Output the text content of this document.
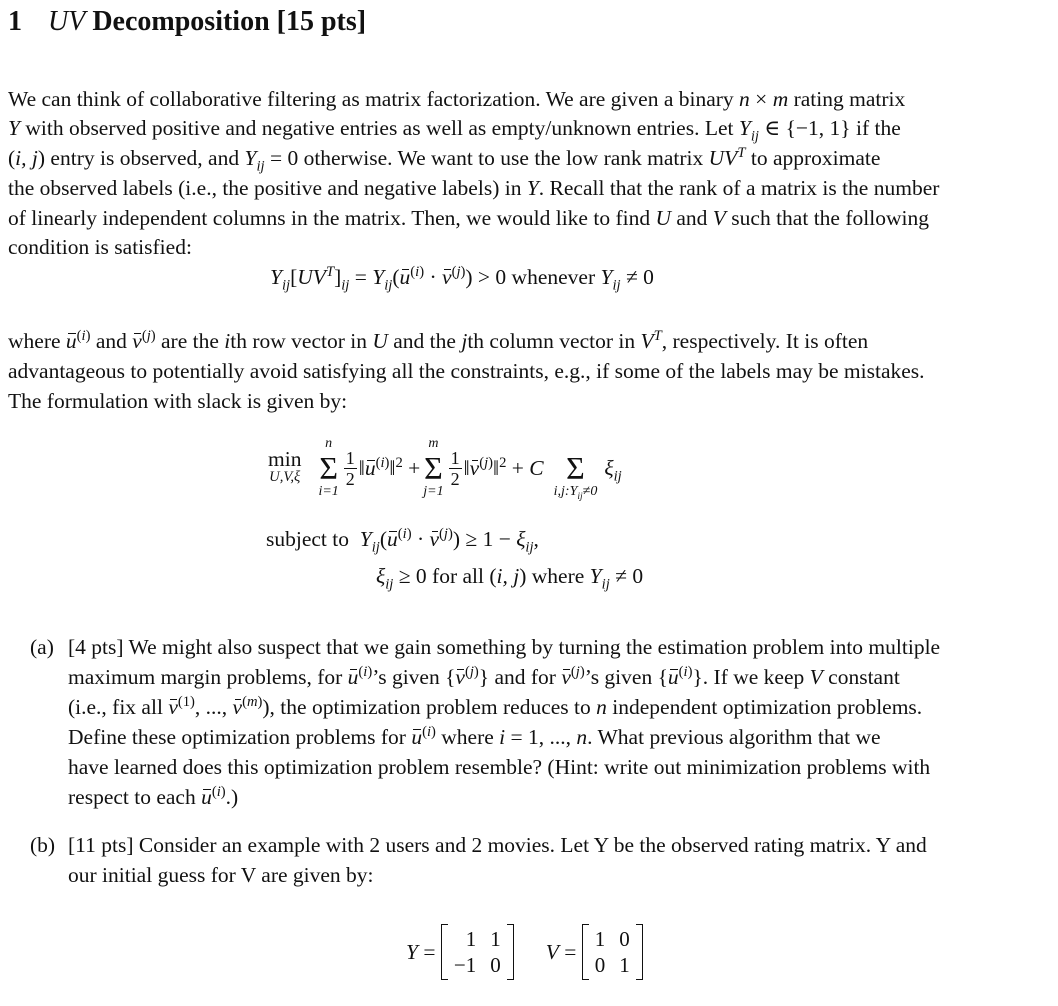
1 UV Decomposition [15 pts]
We can think of collaborative filtering as matrix factorization. We are given a binary n × m rating matrix
Y with observed positive and negative entries as well as empty/unknown entries. Let $Y_{ij}$ ∈ {−1, 1} if the
(i, j) entry is observed, and $Y_{ij} = 0$ otherwise. We want to use the low rank matrix $UV^T$ to approximate
the observed labels (i.e., the positive and negative labels) in Y. Recall that the rank of a matrix is the number
of linearly independent columns in the matrix. Then, we would like to find U and V such that the following
condition is satisfied:
$Y_{ij}[UV^T]_{ij} = Y_{ij}(u^{(i)} \cdot v^{(j)}) > 0$ whenever $Y_{ij} \ne 0$
where $u^{(i)}$ and $v^{(j)}$ are the ith row vector in U and the jth column vector in $V^T$, respectively. It is often
advantageous to potentially avoid satisfying all the constraints, e.g., if some of the labels may be mistakes.
The formulation with slack is given by:
min
U,V,ξ
n
Σ
i=1
$\frac{1}{2}$ $‖u^{(i)}‖^2$ +
m
Σ
j=1
$\frac{1}{2}$ $‖v^{(j)}‖^2 + C$
Σ
$i,j:Y_{ij}\ne 0$
$\xi_{ij}$
subject to $Y_{ij}(u^{(i)} \cdot v^{(j)}) \ge 1 - \xi_{ij}$,
$\xi_{ij} \ge 0$ for all (i, j) where $Y_{ij} \ne 0$
(a) [4 pts] We might also suspect that we gain something by turning the estimation problem into multiple
maximum margin problems, for $u^{(i)}’s$ given $\{v^{(j)}\}$ and for $v^{(j)}’s$ given $\{u^{(i)}\}$. If we keep V constant
(i.e., fix all $v^{(1)}$, ..., $v^{(m)}$), the optimization problem reduces to n independent optimization problems.
Define these optimization problems for $u^{(i)}$ where i = 1, ..., n. What previous algorithm that we
have learned does this optimization problem resemble? (Hint: write out minimization problems with
respect to each $u^{(i)}$.)
(b) [11 pts] Consider an example with 2 users and 2 movies. Let Y be the observed rating matrix. Y and
our initial guess for V are given by:
Y =
1 1
−1 0
V =
1 0
0 1
